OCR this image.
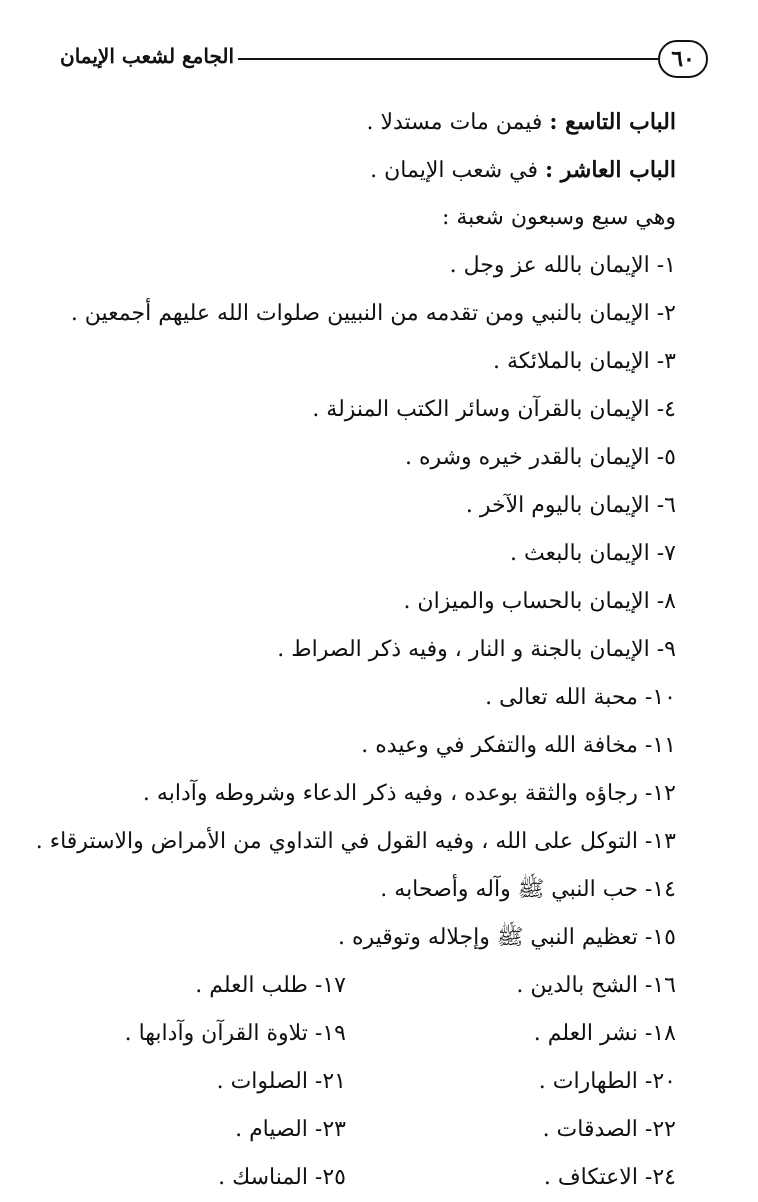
٦٠
الجامع لشعب الإيمان
الباب التاسع : فيمن مات مستدلا .
الباب العاشر : في شعب الإيمان .
وهي سبع وسبعون شعبة :
١- الإيمان بالله عز وجل .
٢- الإيمان بالنبي ومن تقدمه من النبيين صلوات الله عليهم أجمعين .
٣- الإيمان بالملائكة .
٤- الإيمان بالقرآن وسائر الكتب المنزلة .
٥- الإيمان بالقدر خيره وشره .
٦- الإيمان باليوم الآخر .
٧- الإيمان بالبعث .
٨- الإيمان بالحساب والميزان .
٩- الإيمان بالجنة و النار ، وفيه ذكر الصراط .
١٠- محبة الله تعالى .
١١- مخافة الله والتفكر في وعيده .
١٢- رجاؤه والثقة بوعده ، وفيه ذكر الدعاء وشروطه وآدابه .
١٣- التوكل على الله ، وفيه القول في التداوي من الأمراض والاسترقاء .
١٤- حب النبي ﷺ وآله وأصحابه .
١٥- تعظيم النبي ﷺ وإجلاله وتوقيره .
١٦- الشح بالدين .
١٧- طلب العلم .
١٨- نشر العلم .
١٩- تلاوة القرآن وآدابها .
٢٠- الطهارات .
٢١- الصلوات .
٢٢- الصدقات .
٢٣- الصيام .
٢٤- الاعتكاف .
٢٥- المناسك .
